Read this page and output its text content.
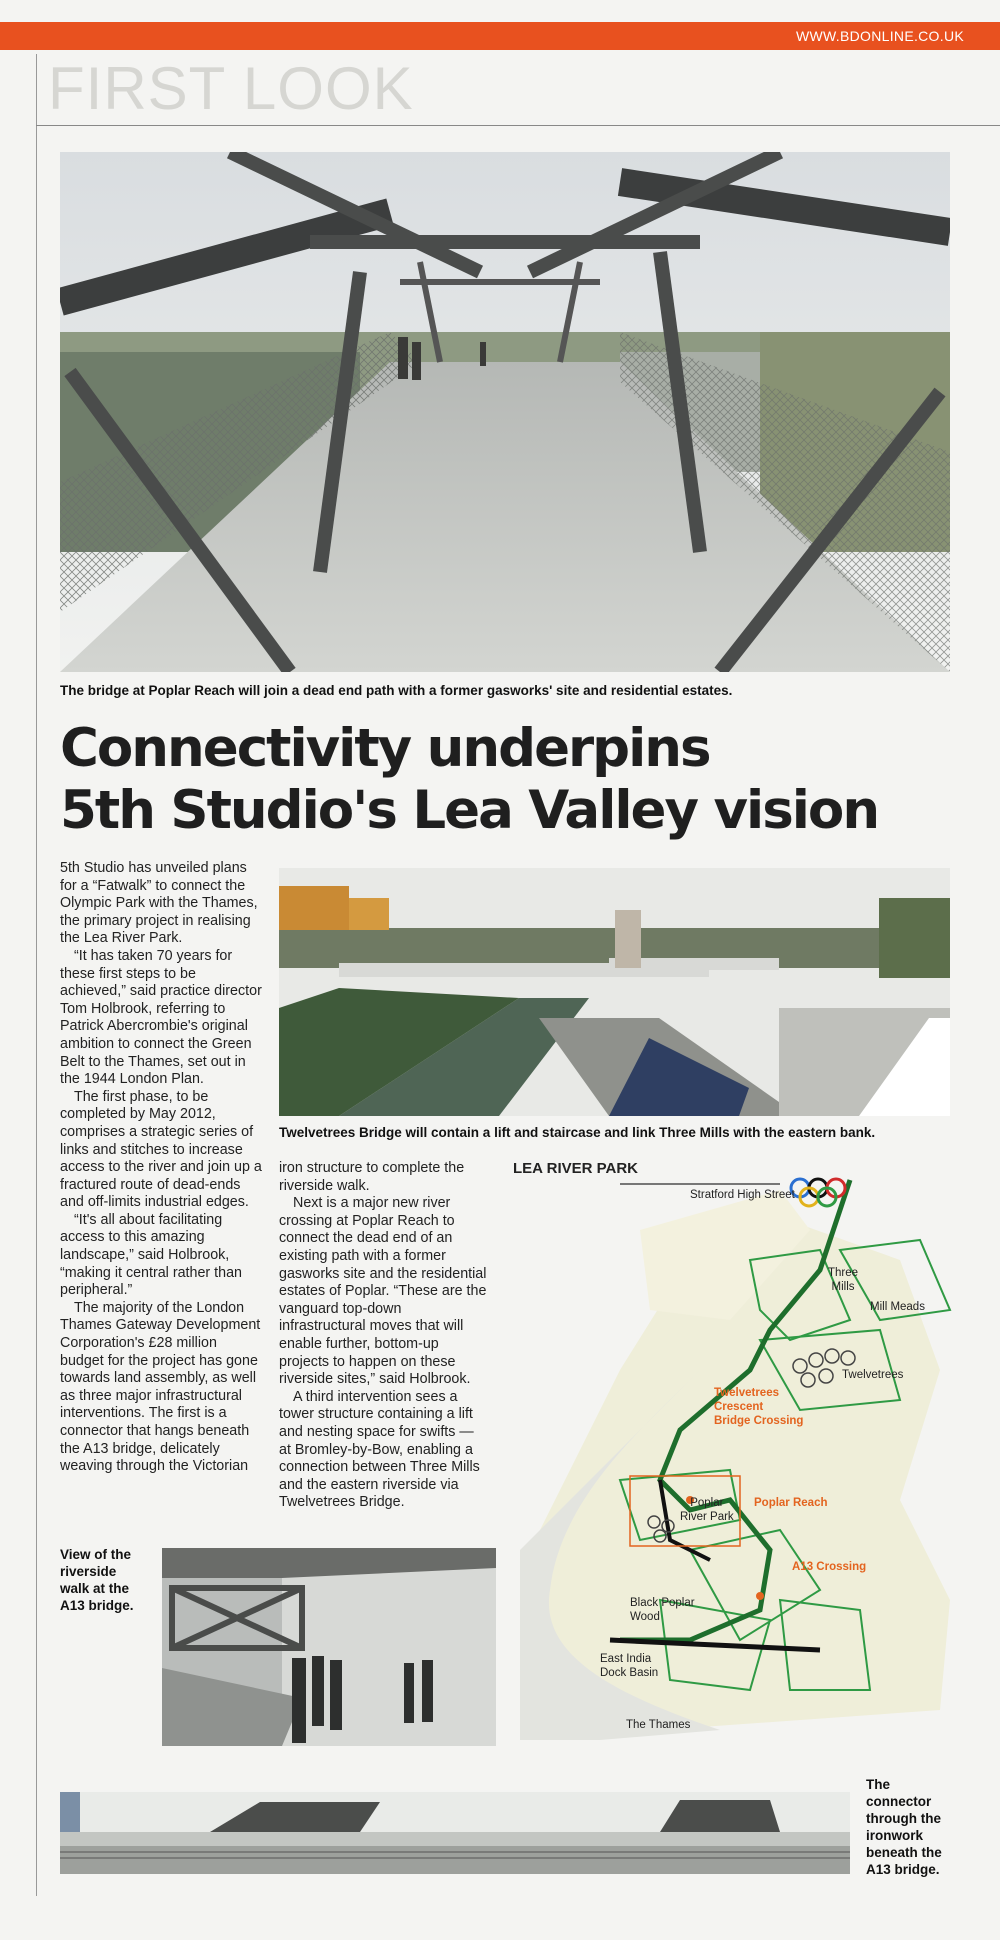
WWW.BDONLINE.CO.UK
FIRST LOOK
The bridge at Poplar Reach will join a dead end path with a former gasworks' site and residential estates.
Connectivity underpins
5th Studio's Lea Valley vision

5th Studio has unveiled plans for a “Fatwalk” to connect the Olympic Park with the Thames, the primary project in realising the Lea River Park.

“It has taken 70 years for these first steps to be achieved,” said practice director Tom Holbrook, referring to Patrick Abercrombie's original ambition to connect the Green Belt to the Thames, set out in the 1944 London Plan.

The first phase, to be completed by May 2012, comprises a strategic series of links and stitches to increase access to the river and join up a fractured route of dead-ends and off-limits industrial edges.

“It's all about facilitating access to this amazing landscape,” said Holbrook, “making it central rather than peripheral.”

The majority of the London Thames Gateway Development Corporation's £28 million budget for the project has gone towards land assembly, as well as three major infrastructural interventions. The first is a connector that hangs beneath the A13 bridge, delicately weaving through the Victorian

Twelvetrees Bridge will contain a lift and staircase and link Three Mills with the eastern bank.

iron structure to complete the riverside walk.

Next is a major new river crossing at Poplar Reach to connect the dead end of an existing path with a former gasworks site and the residential estates of Poplar. “These are the vanguard top-down infrastructural moves that will enable further, bottom-up projects to happen on these riverside sites,” said Holbrook.

A third intervention sees a tower structure containing a lift and nesting space for swifts — at Bromley-by-Bow, enabling a connection between Three Mills and the eastern riverside via Twelvetrees Bridge.

LEA RIVER PARK
Stratford High Street
Three
Mills
Mill Meads
Twelvetrees
Twelvetrees
Crescent
Bridge Crossing
Poplar
River Park
Poplar Reach
A13 Crossing
Black Poplar
Wood
East India
Dock Basin
The Thames
View of the
riverside
walk at the
A13 bridge.
The
connector
through the
ironwork
beneath the
A13 bridge.
